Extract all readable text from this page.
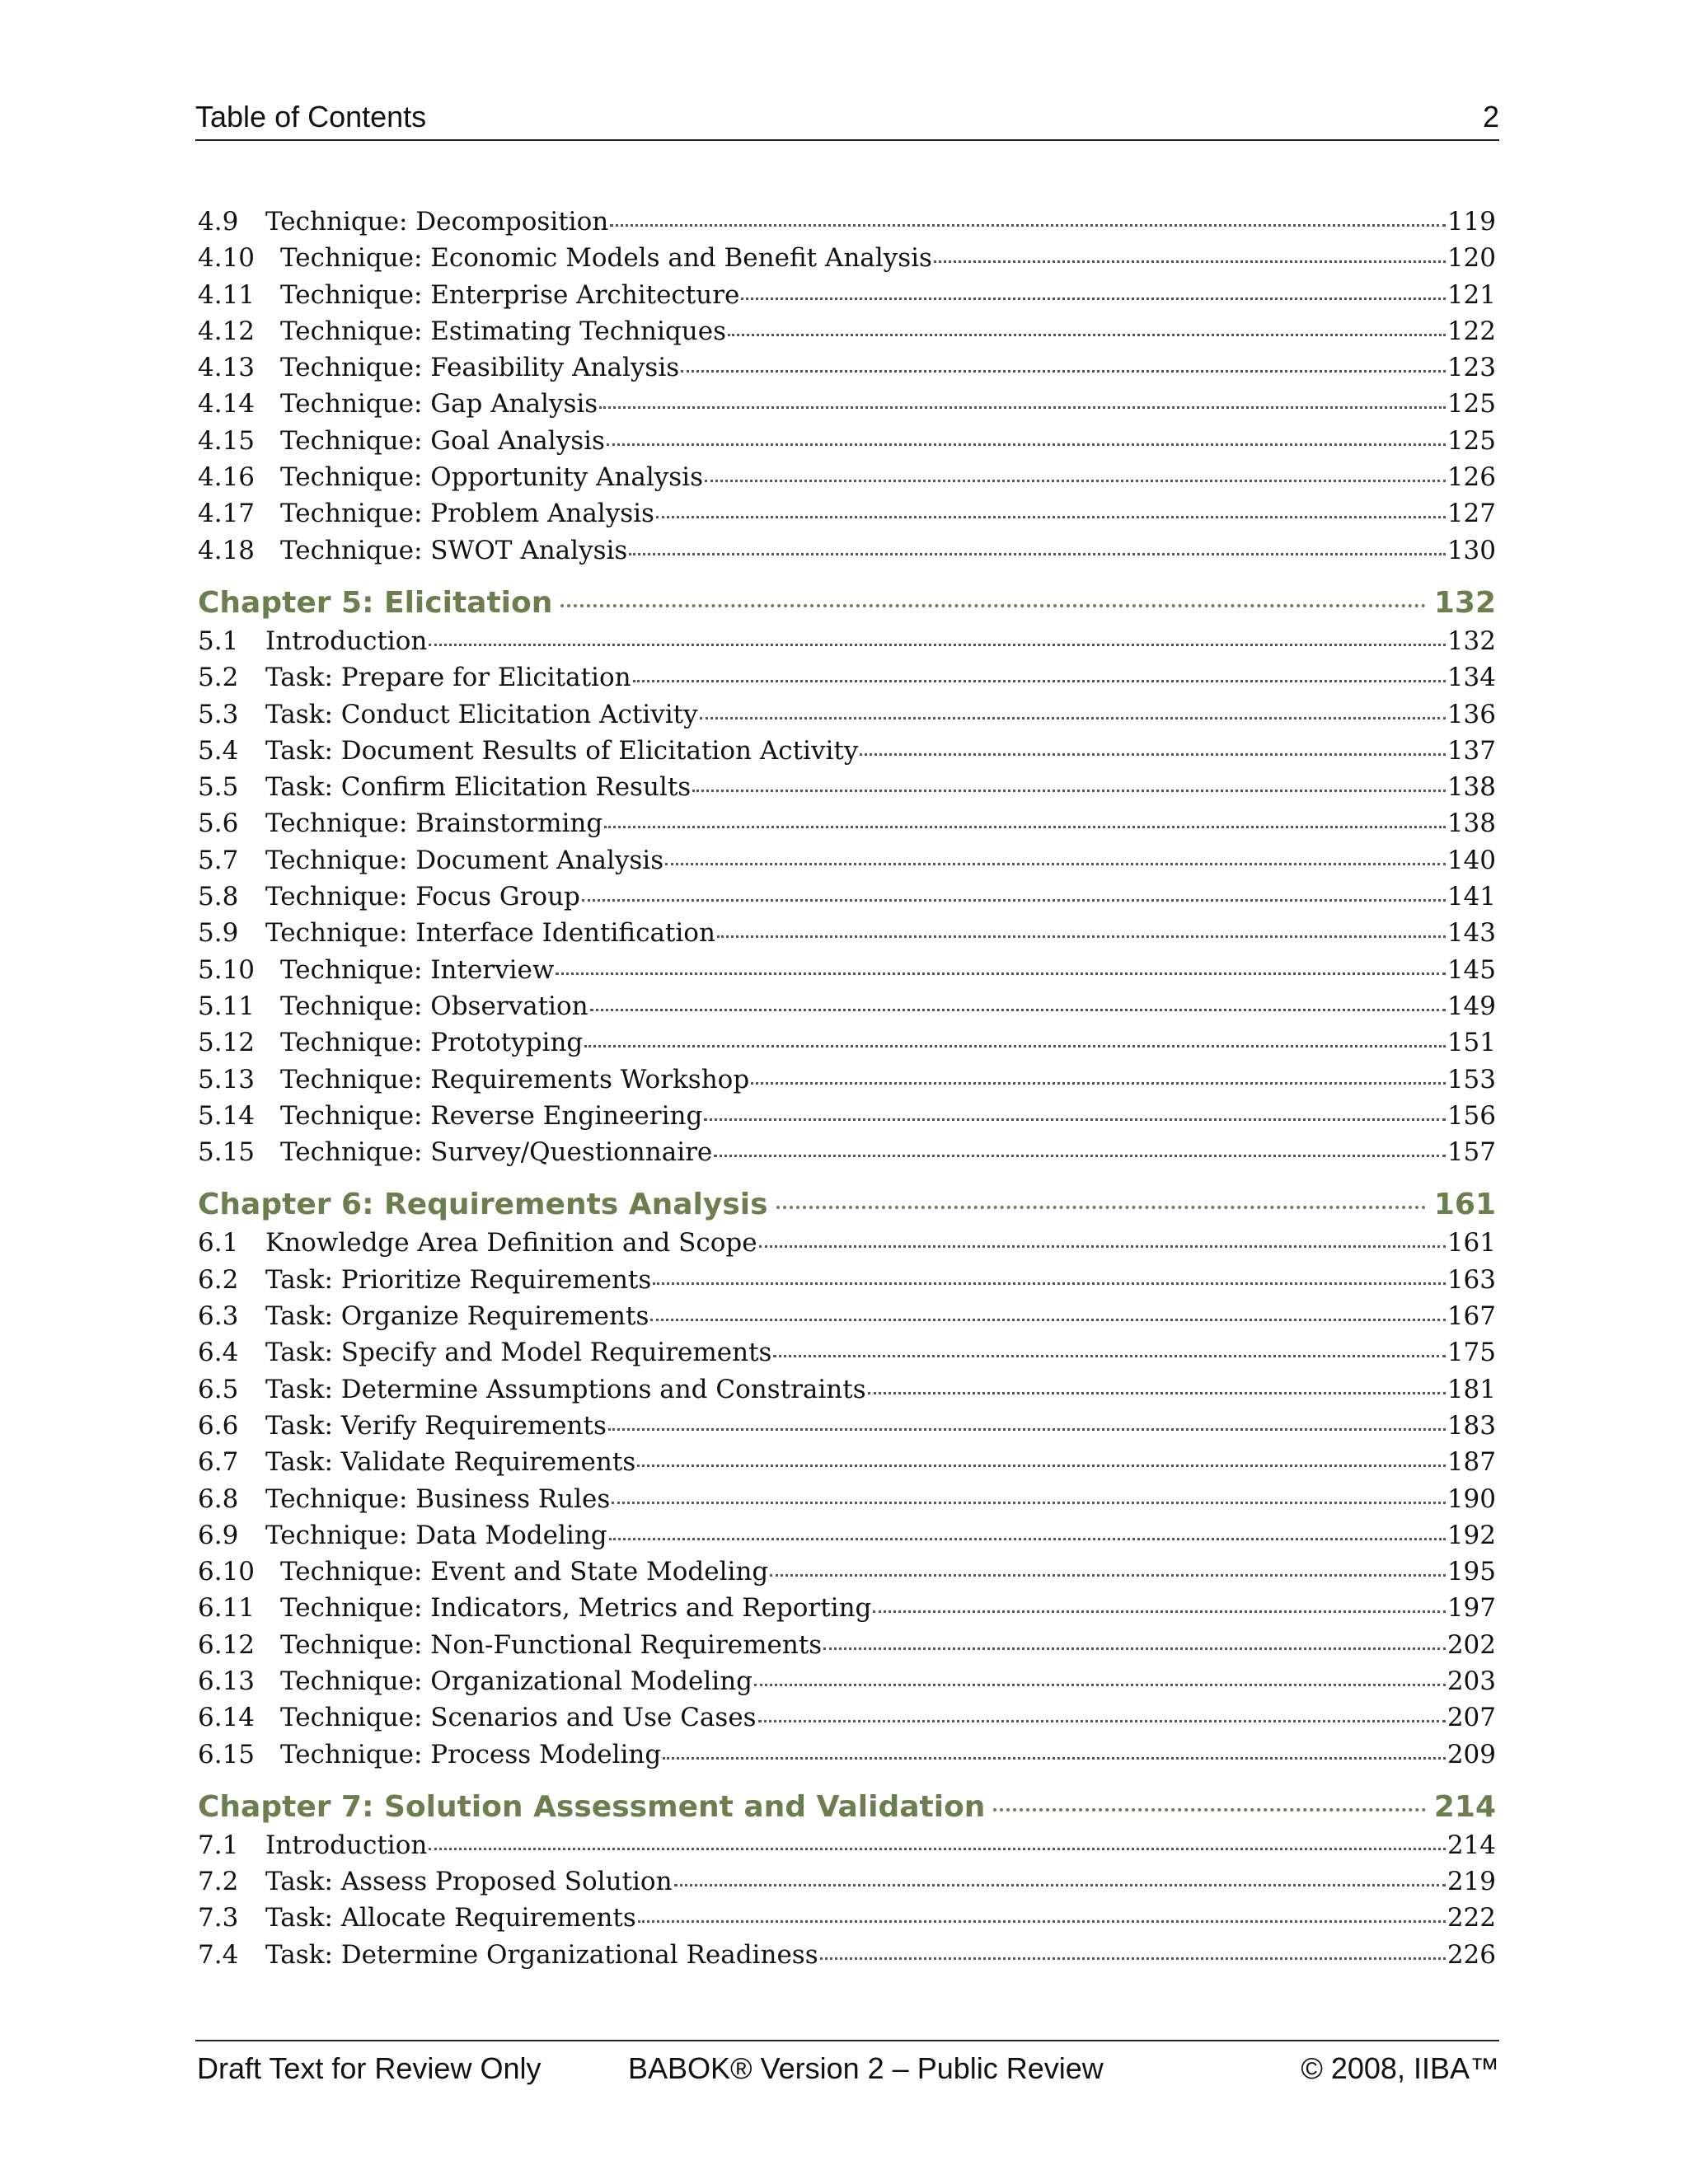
Table of Contents	2
4.9	Technique: Decomposition	119
4.10 Technique: Economic Models and Benefit Analysis	120
4.11 Technique: Enterprise Architecture	121
4.12 Technique: Estimating Techniques	122
4.13 Technique: Feasibility Analysis	123
4.14 Technique: Gap Analysis	125
4.15 Technique: Goal Analysis	125
4.16 Technique: Opportunity Analysis	126
4.17 Technique: Problem Analysis	127
4.18 Technique: SWOT Analysis	130
Chapter 5: Elicitation	132
5.1	Introduction	132
5.2	Task: Prepare for Elicitation	134
5.3	Task: Conduct Elicitation Activity	136
5.4	Task: Document Results of Elicitation Activity	137
5.5	Task: Confirm Elicitation Results	138
5.6	Technique: Brainstorming	138
5.7	Technique: Document Analysis	140
5.8	Technique: Focus Group	141
5.9	Technique: Interface Identification	143
5.10 Technique: Interview	145
5.11 Technique: Observation	149
5.12 Technique: Prototyping	151
5.13 Technique: Requirements Workshop	153
5.14 Technique: Reverse Engineering	156
5.15 Technique: Survey/Questionnaire	157
Chapter 6: Requirements Analysis	161
6.1	Knowledge Area Definition and Scope	161
6.2	Task: Prioritize Requirements	163
6.3	Task: Organize Requirements	167
6.4	Task: Specify and Model Requirements	175
6.5	Task: Determine Assumptions and Constraints	181
6.6	Task: Verify Requirements	183
6.7	Task: Validate Requirements	187
6.8	Technique: Business Rules	190
6.9	Technique: Data Modeling	192
6.10 Technique: Event and State Modeling	195
6.11 Technique: Indicators, Metrics and Reporting	197
6.12 Technique: Non-Functional Requirements	202
6.13 Technique: Organizational Modeling	203
6.14 Technique: Scenarios and Use Cases	207
6.15 Technique: Process Modeling	209
Chapter 7: Solution Assessment and Validation	214
7.1	Introduction	214
7.2	Task: Assess Proposed Solution	219
7.3	Task: Allocate Requirements	222
7.4	Task: Determine Organizational Readiness	226
Draft Text for Review Only	BABOK® Version 2 – Public Review	© 2008, IIBA™
